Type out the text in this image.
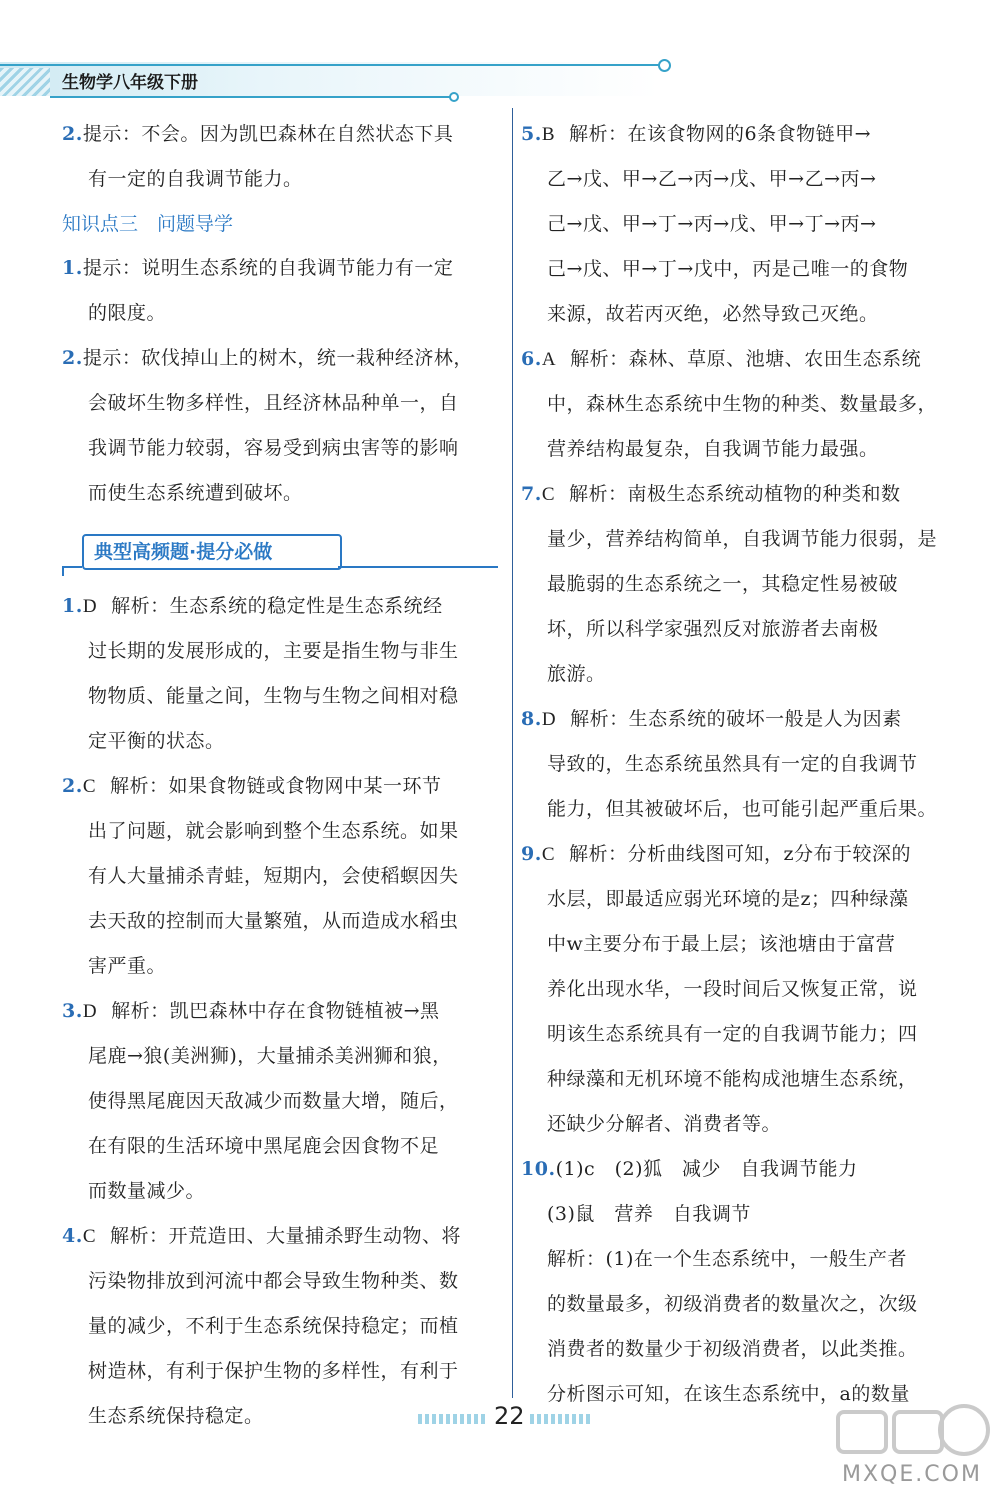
生物学八年级下册
2.提示：不会。因为凯巴森林在自然状态下具
有一定的自我调节能力。
知识点三　问题导学
1.提示：说明生态系统的自我调节能力有一定
的限度。
2.提示：砍伐掉山上的树木，统一栽种经济林，
会破坏生物多样性，且经济林品种单一，自
我调节能力较弱，容易受到病虫害等的影响
而使生态系统遭到破坏。
典型高频题·提分必做
1.D 解析：生态系统的稳定性是生态系统经
过长期的发展形成的，主要是指生物与非生
物物质、能量之间，生物与生物之间相对稳
定平衡的状态。
2.C 解析：如果食物链或食物网中某一环节
出了问题，就会影响到整个生态系统。如果
有人大量捕杀青蛙，短期内，会使稻螟因失
去天敌的控制而大量繁殖，从而造成水稻虫
害严重。
3.D 解析：凯巴森林中存在食物链植被→黑
尾鹿→狼(美洲狮)，大量捕杀美洲狮和狼，
使得黑尾鹿因天敌减少而数量大增，随后，
在有限的生活环境中黑尾鹿会因食物不足
而数量减少。
4.C 解析：开荒造田、大量捕杀野生动物、将
污染物排放到河流中都会导致生物种类、数
量的减少，不利于生态系统保持稳定；而植
树造林，有利于保护生物的多样性，有利于
生态系统保持稳定。
5.B 解析：在该食物网的6条食物链甲→
乙→戊、甲→乙→丙→戊、甲→乙→丙→
己→戊、甲→丁→丙→戊、甲→丁→丙→
己→戊、甲→丁→戊中，丙是己唯一的食物
来源，故若丙灭绝，必然导致己灭绝。
6.A 解析：森林、草原、池塘、农田生态系统
中，森林生态系统中生物的种类、数量最多，
营养结构最复杂，自我调节能力最强。
7.C 解析：南极生态系统动植物的种类和数
量少，营养结构简单，自我调节能力很弱，是
最脆弱的生态系统之一，其稳定性易被破
坏，所以科学家强烈反对旅游者去南极
旅游。
8.D 解析：生态系统的破坏一般是人为因素
导致的，生态系统虽然具有一定的自我调节
能力，但其被破坏后，也可能引起严重后果。
9.C 解析：分析曲线图可知，z分布于较深的
水层，即最适应弱光环境的是z；四种绿藻
中w主要分布于最上层；该池塘由于富营
养化出现水华，一段时间后又恢复正常，说
明该生态系统具有一定的自我调节能力；四
种绿藻和无机环境不能构成池塘生态系统，
还缺少分解者、消费者等。
10.(1)c　(2)狐　减少　自我调节能力
(3)鼠　营养　自我调节
解析：(1)在一个生态系统中，一般生产者
的数量最多，初级消费者的数量次之，次级
消费者的数量少于初级消费者，以此类推。
分析图示可知，在该生态系统中，a的数量
22
MXQE.COM
